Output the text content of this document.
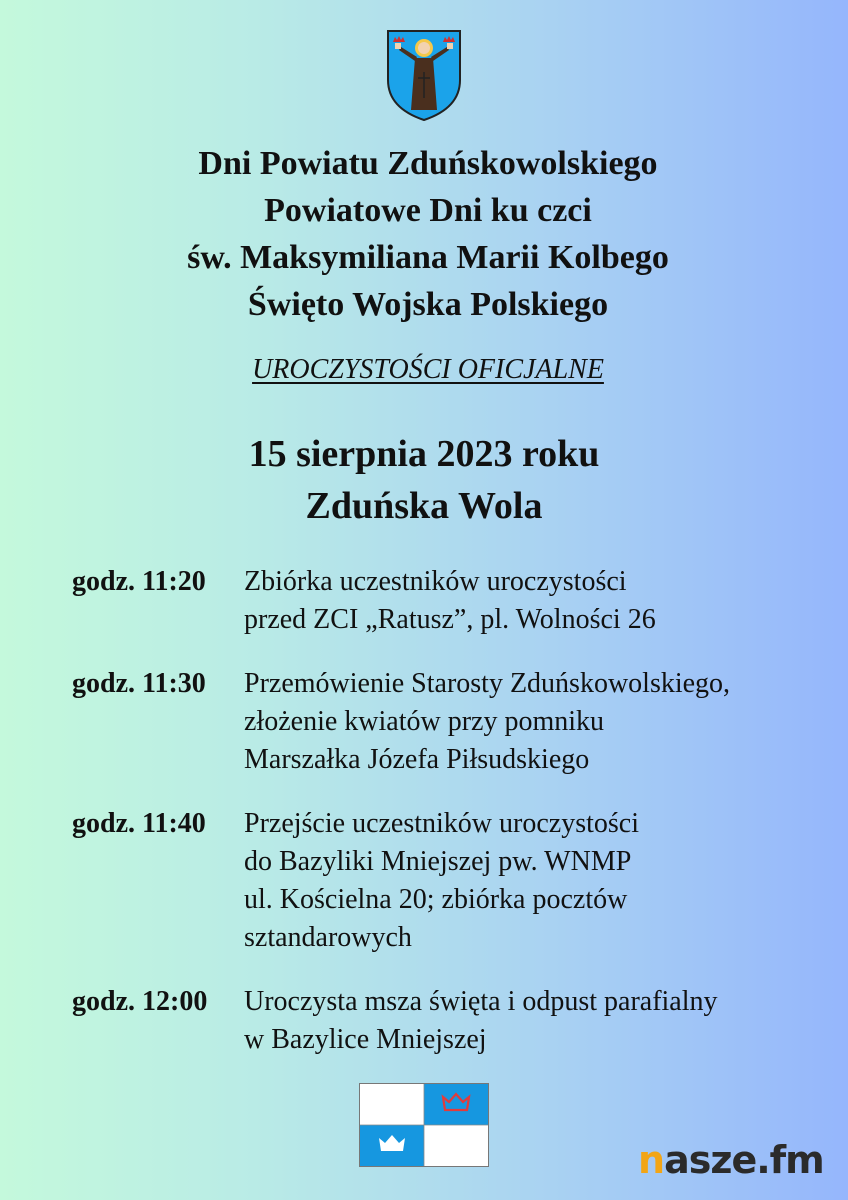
Dni Powiatu Zduńskowolskiego
Powiatowe Dni ku czci
św. Maksymiliana Marii Kolbego
Święto Wojska Polskiego
UROCZYSTOŚCI OFICJALNE
15 sierpnia 2023 roku
Zduńska Wola
godz. 11:20	Zbiórka uczestników uroczystości
przed ZCI „Ratusz”, pl. Wolności 26
godz. 11:30	Przemówienie Starosty Zduńskowolskiego,
złożenie kwiatów przy pomniku
Marszałka Józefa Piłsudskiego
godz. 11:40	Przejście uczestników uroczystości
do Bazyliki Mniejszej pw. WNMP
ul. Kościelna 20; zbiórka pocztów
sztandarowych
godz. 12:00	Uroczysta msza święta i odpust parafialny
w Bazylice Mniejszej
nasze.fm
